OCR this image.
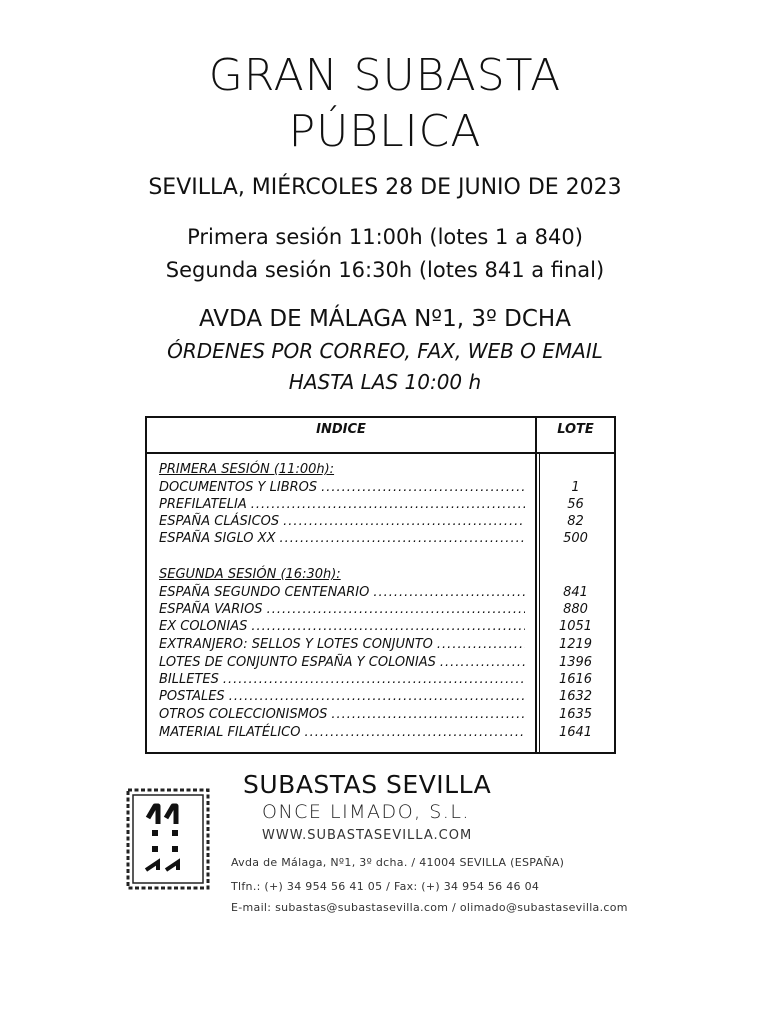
GRAN SUBASTA
PÚBLICA
SEVILLA, MIÉRCOLES 28 DE JUNIO DE 2023
Primera sesión 11:00h (lotes 1 a 840)
Segunda sesión 16:30h (lotes 841 a final)
AVDA DE MÁLAGA Nº1, 3º DCHA
ÓRDENES POR CORREO, FAX, WEB O EMAIL
HASTA LAS 10:00 h
INDICE	LOTE
PRIMERA SESIÓN (11:00h):
DOCUMENTOS Y LIBROS .....	1
PREFILATELIA .....	56
ESPAÑA CLÁSICOS .....	82
ESPAÑA SIGLO XX .....	500
SEGUNDA SESIÓN (16:30h):
ESPAÑA SEGUNDO CENTENARIO .....	841
ESPAÑA VARIOS .....	880
EX COLONIAS .....	1051
EXTRANJERO: SELLOS Y LOTES CONJUNTO .....	1219
LOTES DE CONJUNTO ESPAÑA Y COLONIAS .....	1396
BILLETES .....	1616
POSTALES .....	1632
OTROS COLECCIONISMOS .....	1635
MATERIAL FILATÉLICO .....	1641
SUBASTAS SEVILLA
ONCE LIMADO, S.L.
WWW.SUBASTASEVILLA.COM
Avda de Málaga, Nº1, 3º dcha. / 41004 SEVILLA (ESPAÑA)
Tlfn.: (+) 34 954 56 41 05 / Fax: (+) 34 954 56 46 04
E-mail: subastas@subastasevilla.com / olimado@subastasevilla.com
